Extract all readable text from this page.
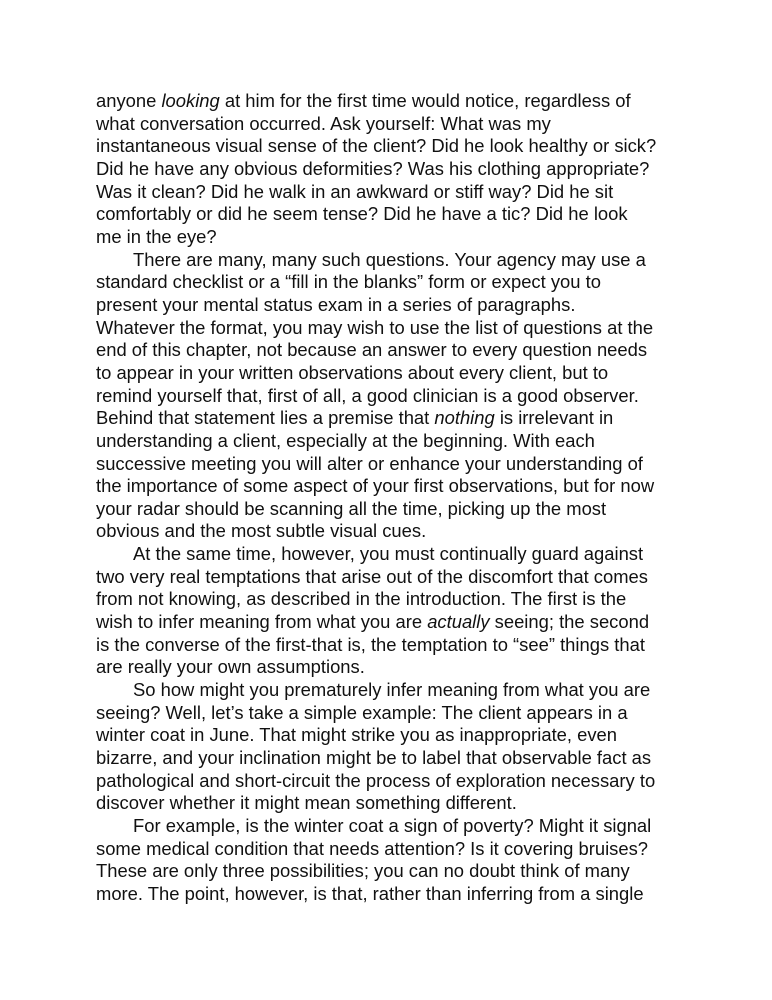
anyone looking at him for the first time would notice, regardless of
what conversation occurred. Ask yourself: What was my
instantaneous visual sense of the client? Did he look healthy or sick?
Did he have any obvious deformities? Was his clothing appropriate?
Was it clean? Did he walk in an awkward or stiff way? Did he sit
comfortably or did he seem tense? Did he have a tic? Did he look
me in the eye?

There are many, many such questions. Your agency may use a
standard checklist or a “fill in the blanks” form or expect you to
present your mental status exam in a series of paragraphs.
Whatever the format, you may wish to use the list of questions at the
end of this chapter, not because an answer to every question needs
to appear in your written observations about every client, but to
remind yourself that, first of all, a good clinician is a good observer.
Behind that statement lies a premise that nothing is irrelevant in
understanding a client, especially at the beginning. With each
successive meeting you will alter or enhance your understanding of
the importance of some aspect of your first observations, but for now
your radar should be scanning all the time, picking up the most
obvious and the most subtle visual cues.

At the same time, however, you must continually guard against
two very real temptations that arise out of the discomfort that comes
from not knowing, as described in the introduction. The first is the
wish to infer meaning from what you are actually seeing; the second
is the converse of the first-that is, the temptation to “see” things that
are really your own assumptions.

So how might you prematurely infer meaning from what you are
seeing? Well, let’s take a simple example: The client appears in a
winter coat in June. That might strike you as inappropriate, even
bizarre, and your inclination might be to label that observable fact as
pathological and short-circuit the process of exploration necessary to
discover whether it might mean something different.

For example, is the winter coat a sign of poverty? Might it signal
some medical condition that needs attention? Is it covering bruises?
These are only three possibilities; you can no doubt think of many
more. The point, however, is that, rather than inferring from a single
